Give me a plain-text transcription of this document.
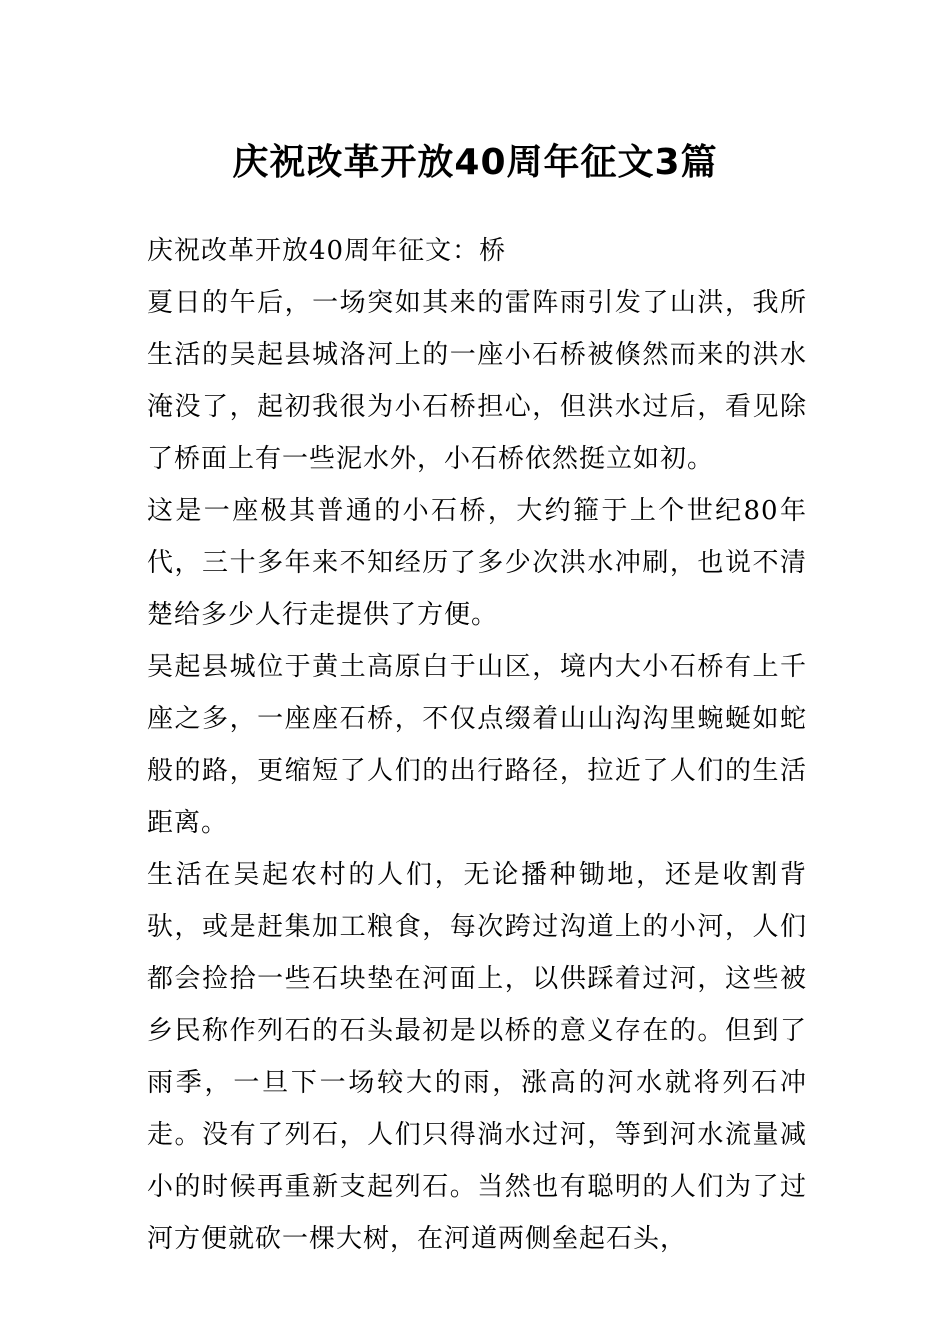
庆祝改革开放40周年征文3篇

庆祝改革开放40周年征文：桥

夏日的午后，一场突如其来的雷阵雨引发了山洪，我所生活的吴起县城洛河上的一座小石桥被倏然而来的洪水淹没了，起初我很为小石桥担心，但洪水过后，看见除了桥面上有一些泥水外，小石桥依然挺立如初。

这是一座极其普通的小石桥，大约箍于上个世纪80年代，三十多年来不知经历了多少次洪水冲刷，也说不清楚给多少人行走提供了方便。

吴起县城位于黄土高原白于山区，境内大小石桥有上千座之多，一座座石桥，不仅点缀着山山沟沟里蜿蜒如蛇般的路，更缩短了人们的出行路径，拉近了人们的生活距离。

生活在吴起农村的人们，无论播种锄地，还是收割背驮，或是赶集加工粮食，每次跨过沟道上的小河，人们都会捡拾一些石块垫在河面上，以供踩着过河，这些被乡民称作列石的石头最初是以桥的意义存在的。但到了雨季，一旦下一场较大的雨，涨高的河水就将列石冲走。没有了列石，人们只得淌水过河，等到河水流量减小的时候再重新支起列石。当然也有聪明的人们为了过河方便就砍一棵大树，在河道两侧垒起石头，
